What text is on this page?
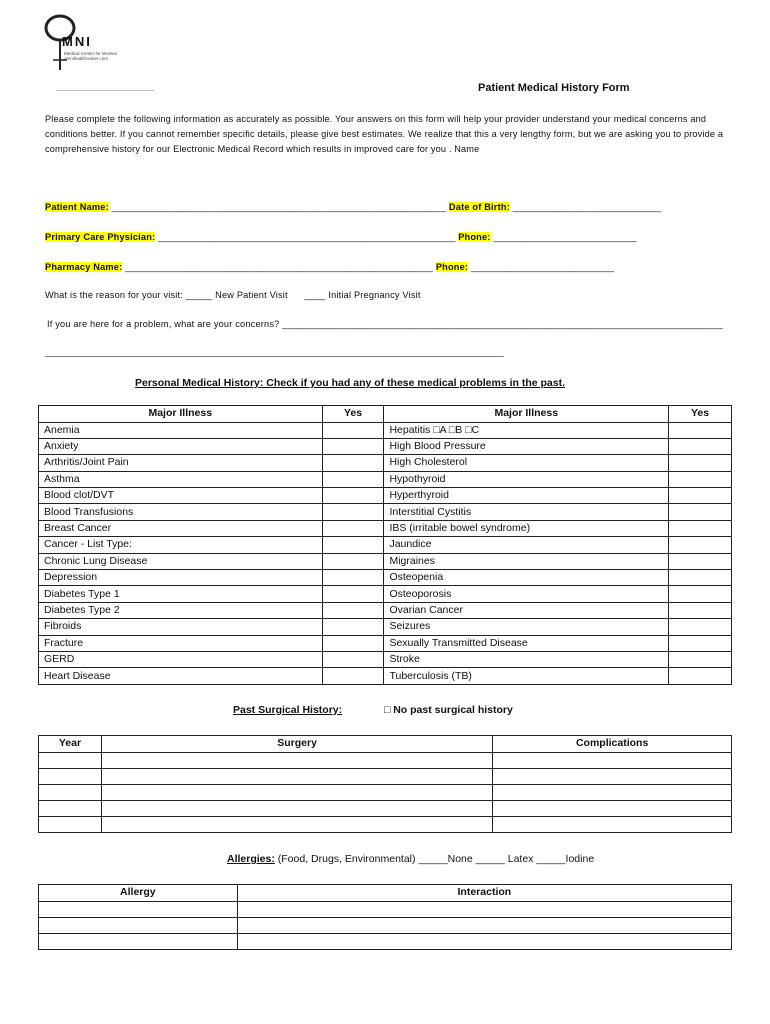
MNI
Medical Center for Women
omnihealthcenter.com
Patient Medical History Form
Please complete the following information as accurately as possible. Your answers on this form will help your provider understand your medical concerns and conditions better. If you cannot remember specific details, please give best estimates. We realize that this a very lengthy form, but we are asking you to provide a comprehensive history for our Electronic Medical Record which results in improved care for you . Name
Patient Name: _______________________________________________________________ Date of Birth: ____________________________
Primary Care Physician: ________________________________________________________ Phone: ___________________________
Pharmacy Name: __________________________________________________________ Phone: ___________________________
What is the reason for your visit: _____ New Patient Visit ____ Initial Pregnancy Visit
If you are here for a problem, what are your concerns? ___________________________________________________________________________________
_______________________________________________________________________________________________________________________
Personal Medical History: Check if you had any of these medical problems in the past.
Major Illness	Yes	Major Illness	Yes
Anemia		Hepatitis □A □B □C	
Anxiety		High Blood Pressure	
Arthritis/Joint Pain		High Cholesterol	
Asthma		Hypothyroid	
Blood clot/DVT		Hyperthyroid	
Blood Transfusions		Interstitial Cystitis	
Breast Cancer		IBS (irritable bowel syndrome)	
Cancer - List Type:		Jaundice	
Chronic Lung Disease		Migraines	
Depression		Osteopenia	
Diabetes Type 1		Osteoporosis	
Diabetes Type 2		Ovarian Cancer	
Fibroids		Seizures	
Fracture		Sexually Transmitted Disease	
GERD		Stroke	
Heart Disease		Tuberculosis (TB)	
Past Surgical History:	□ No past surgical history
Year	Surgery	Complications

Allergies: (Food, Drugs, Environmental) _____None _____ Latex _____Iodine
Allergy	Interaction
